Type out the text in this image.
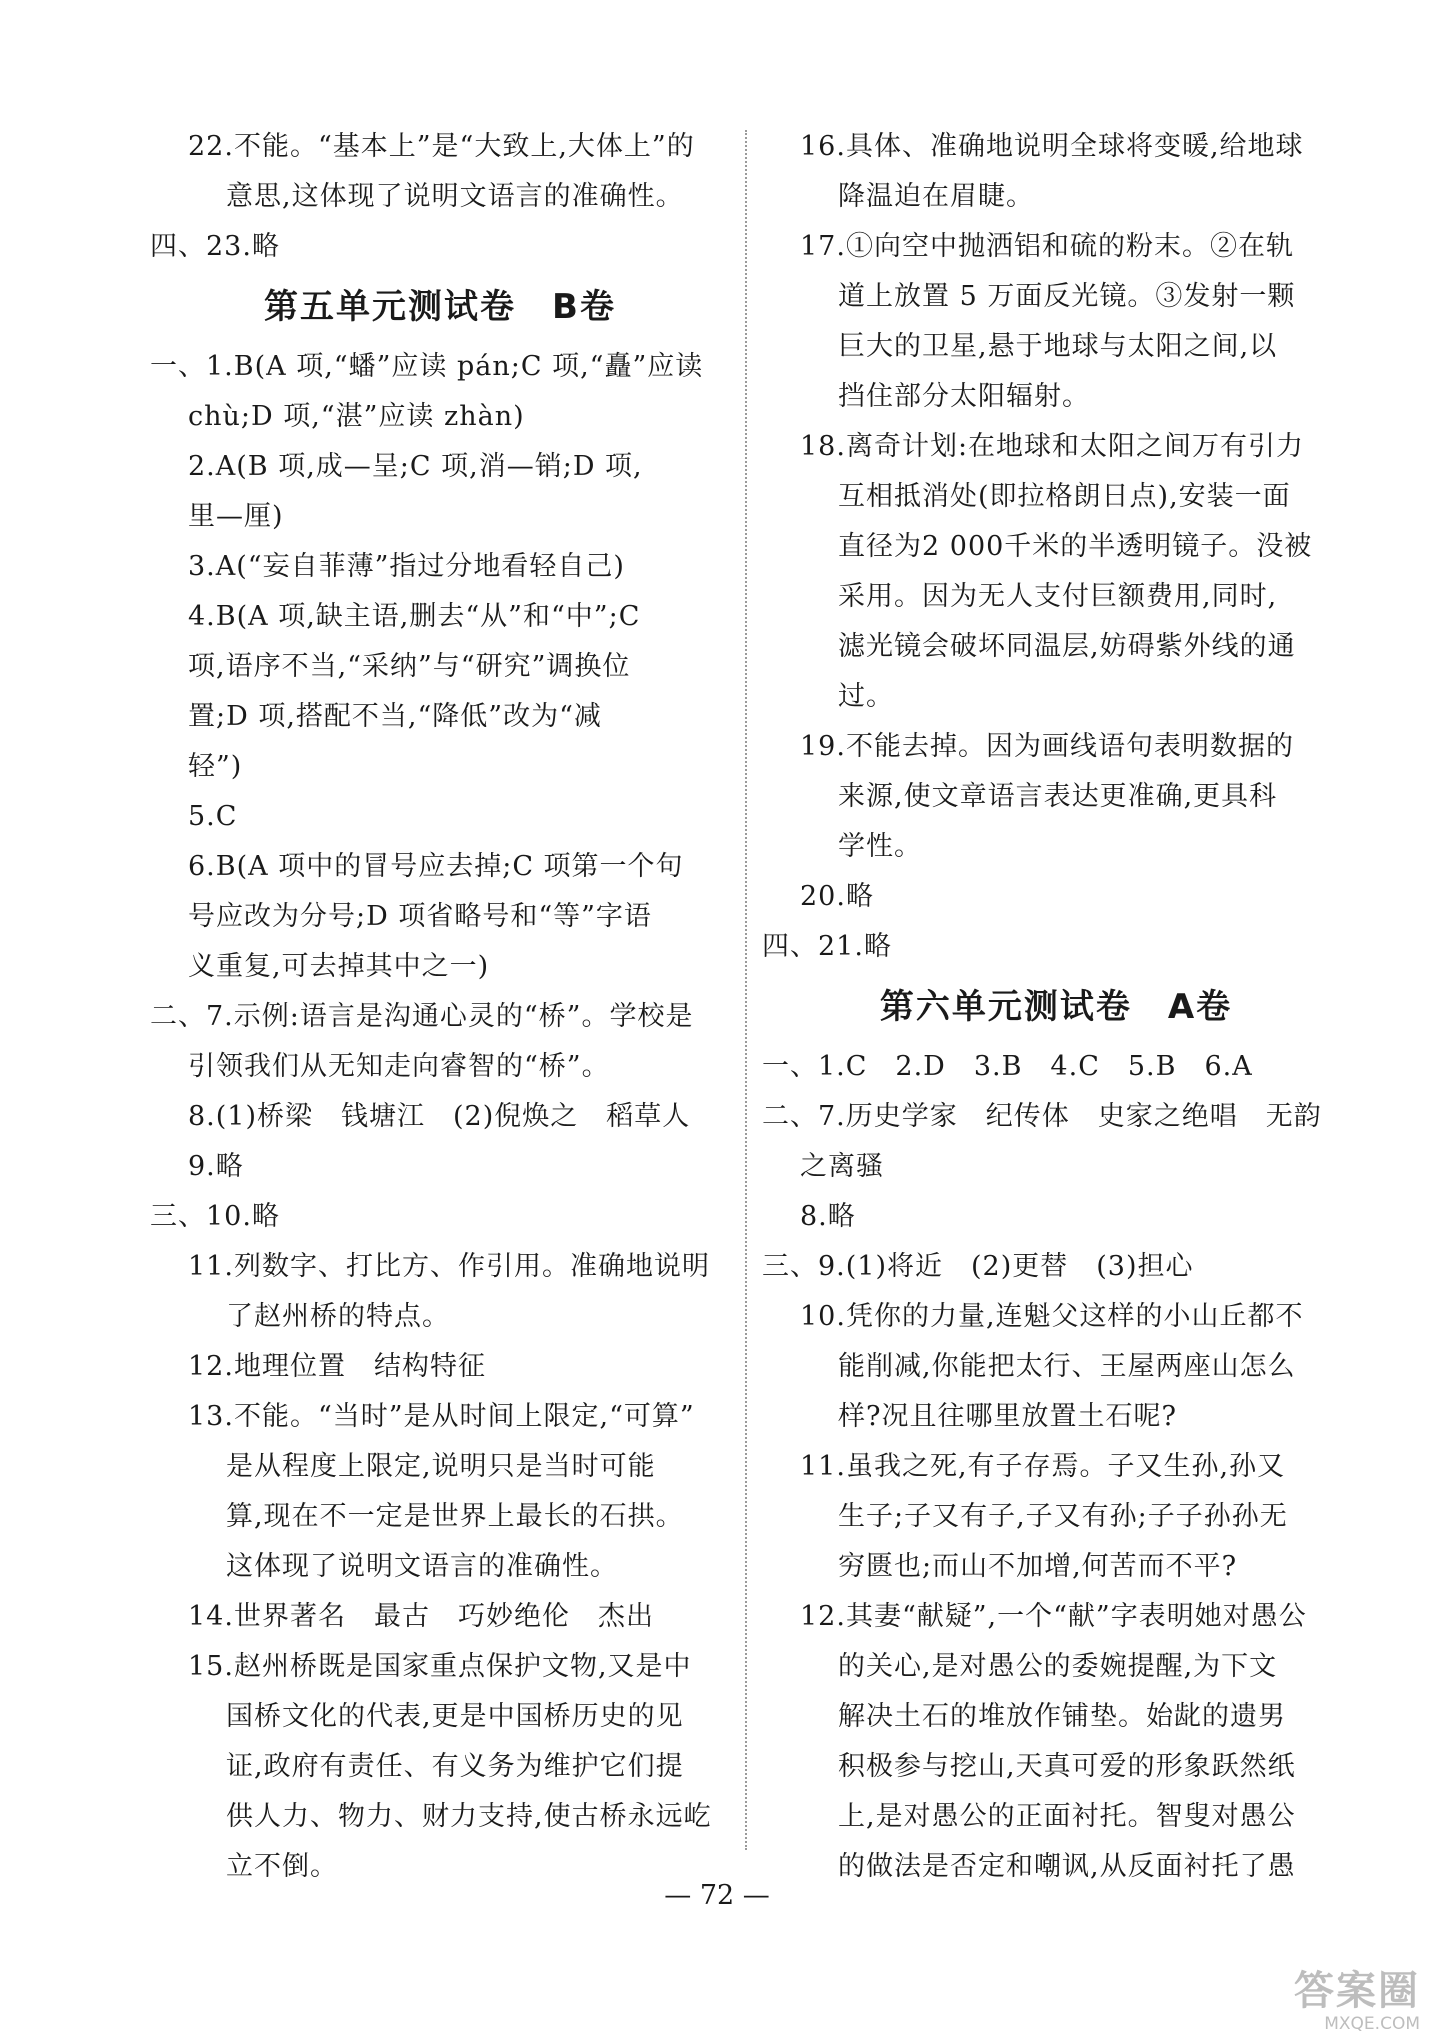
22.不能。“基本上”是“大致上,大体上”的
意思,这体现了说明文语言的准确性。
四、23.略
第五单元测试卷　B卷
一、1.B(A 项,“蟠”应读 pán;C 项,“矗”应读
chù;D 项,“湛”应读 zhàn)
2.A(B 项,成—呈;C 项,消—销;D 项,
里—厘)
3.A(“妄自菲薄”指过分地看轻自己)
4.B(A 项,缺主语,删去“从”和“中”;C
项,语序不当,“采纳”与“研究”调换位
置;D 项,搭配不当,“降低”改为“减
轻”)
5.C
6.B(A 项中的冒号应去掉;C 项第一个句
号应改为分号;D 项省略号和“等”字语
义重复,可去掉其中之一)
二、7.示例:语言是沟通心灵的“桥”。学校是
引领我们从无知走向睿智的“桥”。
8.(1)桥梁　钱塘江　(2)倪焕之　稻草人
9.略
三、10.略
11.列数字、打比方、作引用。准确地说明
了赵州桥的特点。
12.地理位置　结构特征
13.不能。“当时”是从时间上限定,“可算”
是从程度上限定,说明只是当时可能
算,现在不一定是世界上最长的石拱。
这体现了说明文语言的准确性。
14.世界著名　最古　巧妙绝伦　杰出
15.赵州桥既是国家重点保护文物,又是中
国桥文化的代表,更是中国桥历史的见
证,政府有责任、有义务为维护它们提
供人力、物力、财力支持,使古桥永远屹
立不倒。
16.具体、准确地说明全球将变暖,给地球
降温迫在眉睫。
17.①向空中抛洒铝和硫的粉末。②在轨
道上放置 5 万面反光镜。③发射一颗
巨大的卫星,悬于地球与太阳之间,以
挡住部分太阳辐射。
18.离奇计划:在地球和太阳之间万有引力
互相抵消处(即拉格朗日点),安装一面
直径为2 000千米的半透明镜子。没被
采用。因为无人支付巨额费用,同时,
滤光镜会破坏同温层,妨碍紫外线的通
过。
19.不能去掉。因为画线语句表明数据的
来源,使文章语言表达更准确,更具科
学性。
20.略
四、21.略
第六单元测试卷　A卷
一、1.C　2.D　3.B　4.C　5.B　6.A
二、7.历史学家　纪传体　史家之绝唱　无韵
之离骚
8.略
三、9.(1)将近　(2)更替　(3)担心
10.凭你的力量,连魁父这样的小山丘都不
能削减,你能把太行、王屋两座山怎么
样?况且往哪里放置土石呢?
11.虽我之死,有子存焉。子又生孙,孙又
生子;子又有子,子又有孙;子子孙孙无
穷匮也;而山不加增,何苦而不平?
12.其妻“献疑”,一个“献”字表明她对愚公
的关心,是对愚公的委婉提醒,为下文
解决土石的堆放作铺垫。始龀的遗男
积极参与挖山,天真可爱的形象跃然纸
上,是对愚公的正面衬托。智叟对愚公
的做法是否定和嘲讽,从反面衬托了愚
— 72 —
答案圈
MXQE.COM
